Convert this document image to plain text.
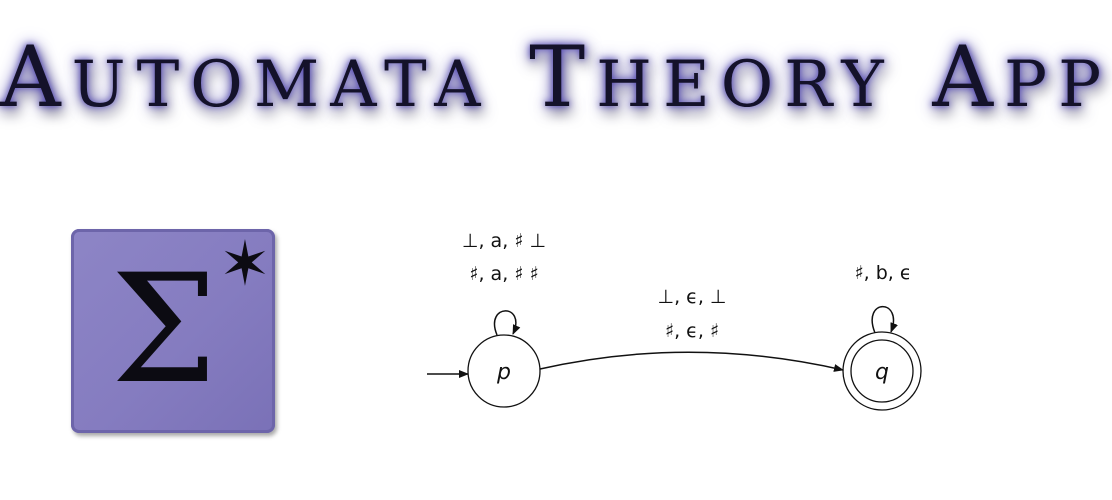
AUTOMATA THEORY APP
Σ ✶
p	q
⊥, a, ♯ ⊥
♯, a, ♯ ♯
⊥, ϵ, ⊥
♯, ϵ, ♯
♯, b, ϵ
